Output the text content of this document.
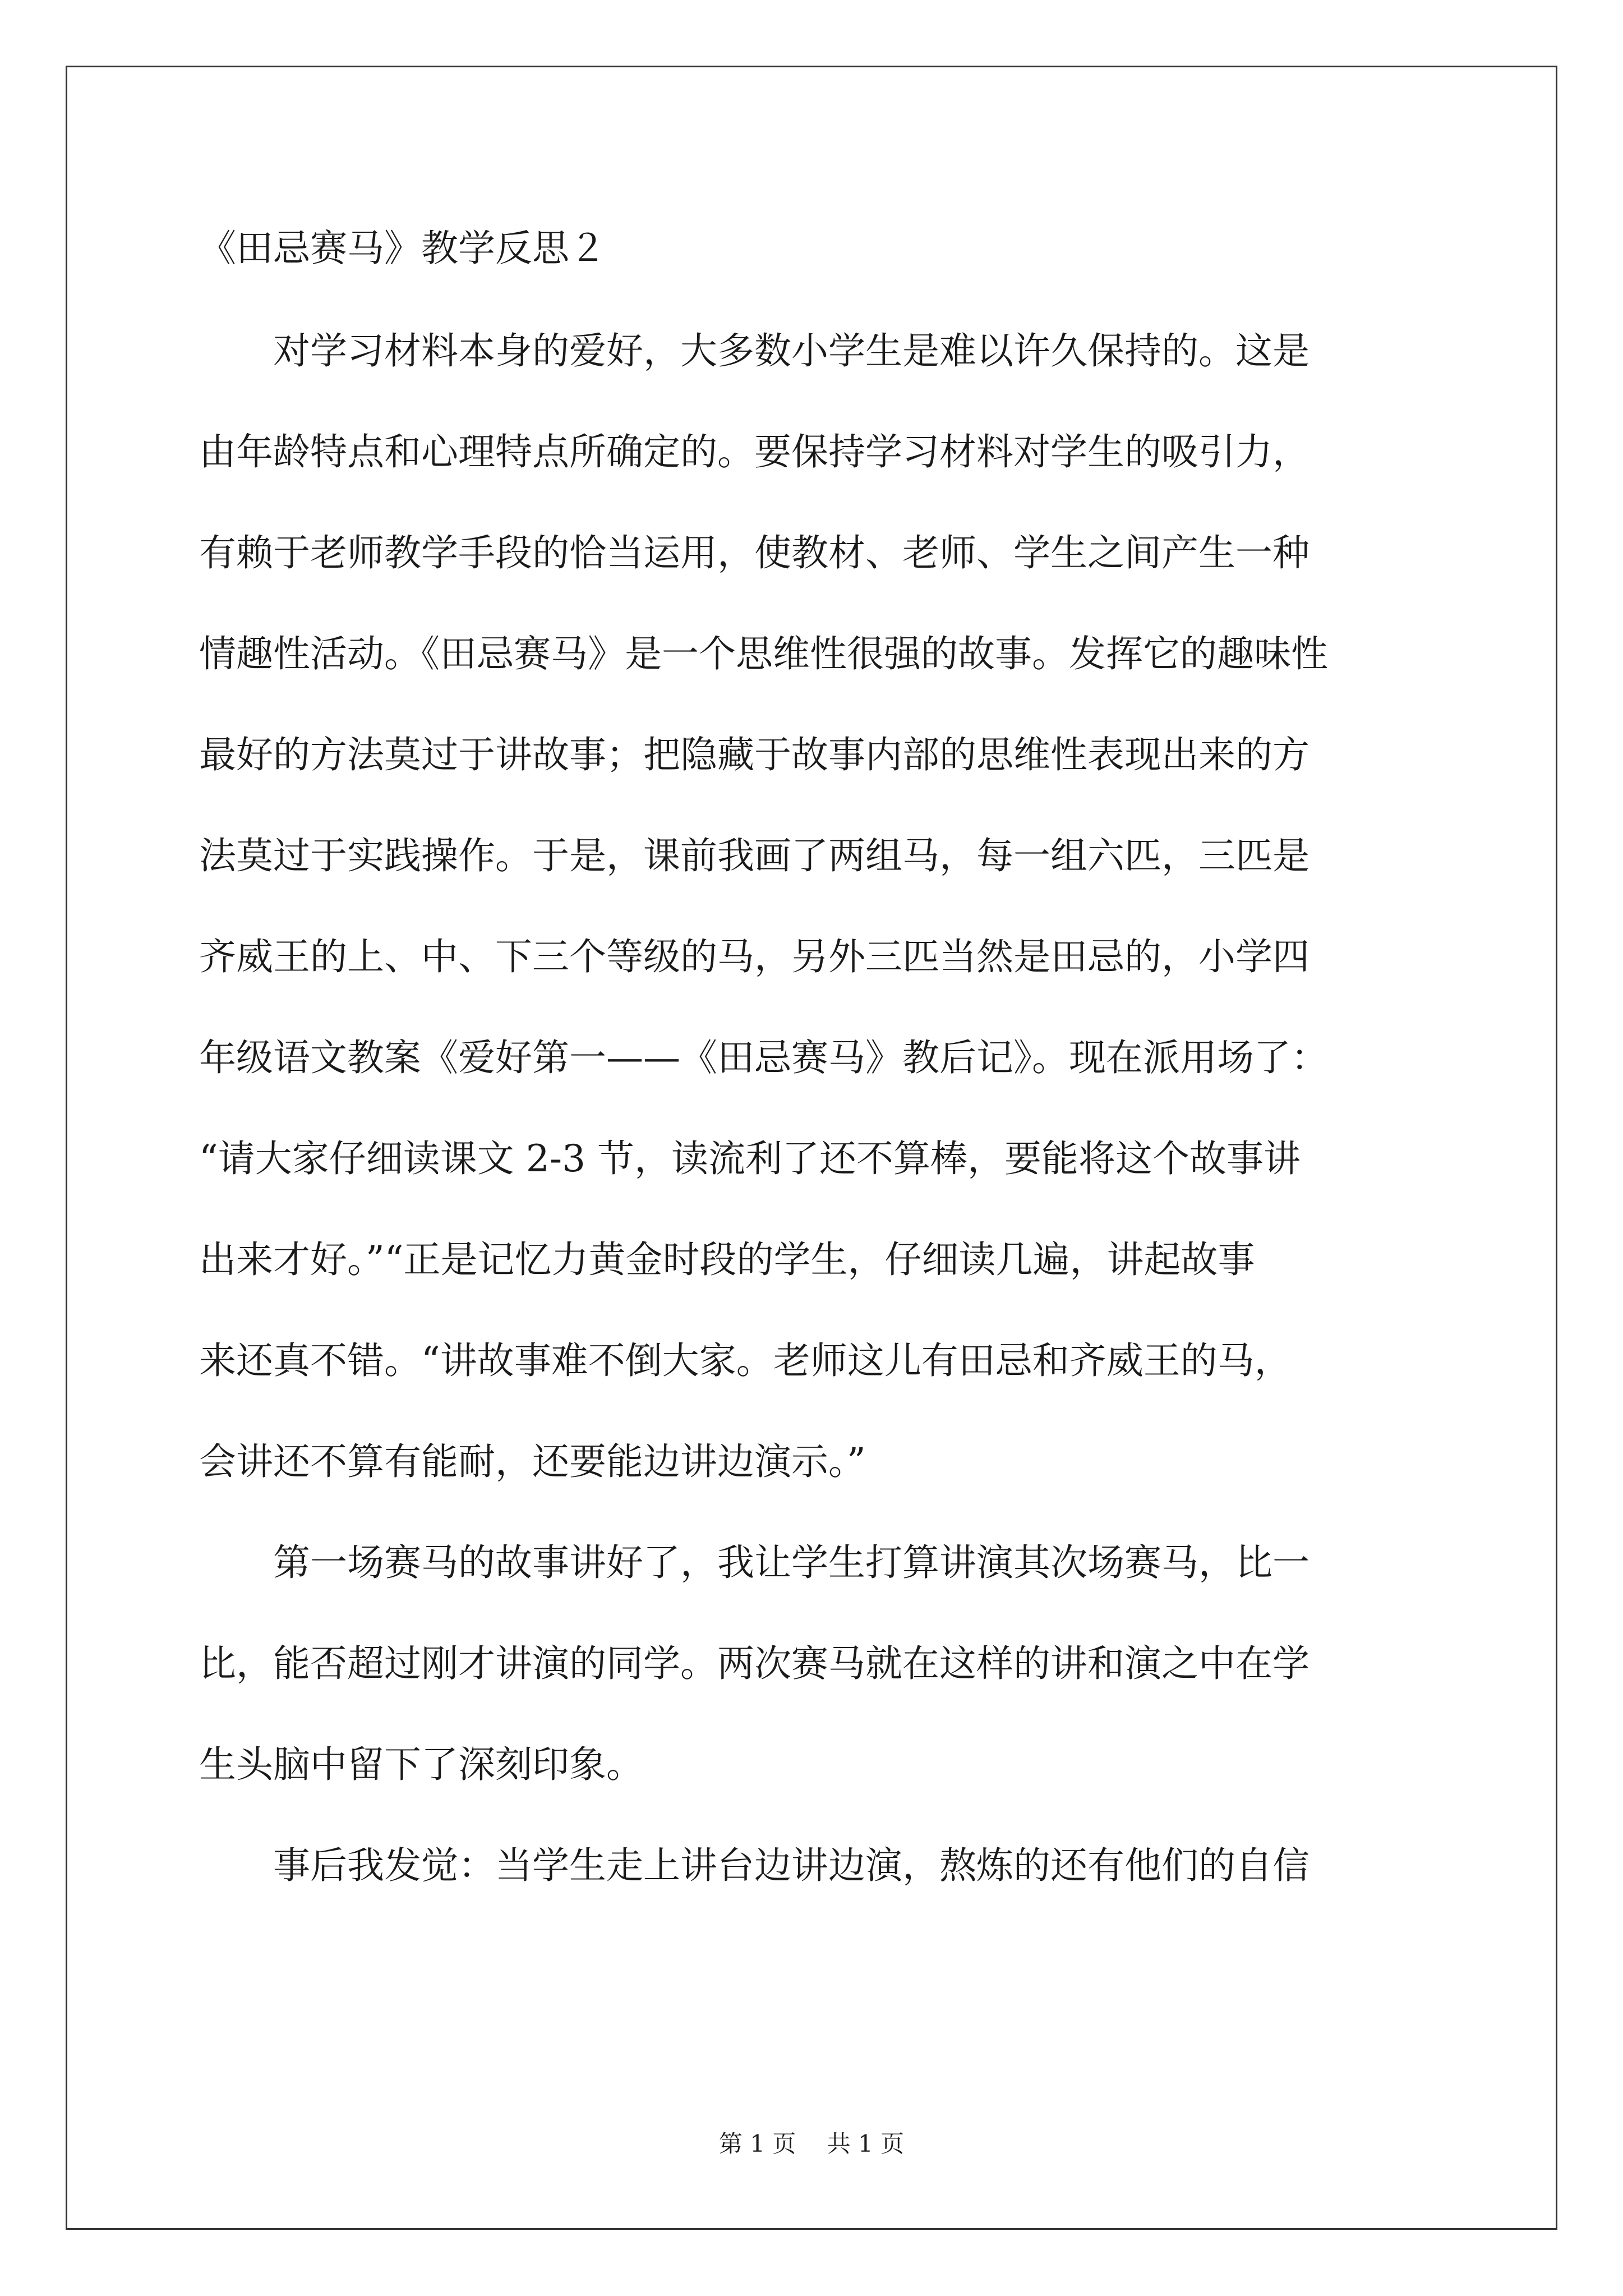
《田忌赛马》教学反思２
　　对学习材料本身的爱好，大多数小学生是难以许久保持的。这是
由年龄特点和心理特点所确定的。要保持学习材料对学生的吸引力，
有赖于老师教学手段的恰当运用，使教材、老师、学生之间产生一种
情趣性活动。《田忌赛马》是一个思维性很强的故事。发挥它的趣味性
最好的方法莫过于讲故事；把隐藏于故事内部的思维性表现出来的方
法莫过于实践操作。于是，课前我画了两组马，每一组六匹，三匹是
齐威王的上、中、下三个等级的马，另外三匹当然是田忌的，小学四
年级语文教案《爱好第一——《田忌赛马》教后记》。现在派用场了：
“请大家仔细读课文 2-3 节，读流利了还不算棒，要能将这个故事讲
出来才好。”“正是记忆力黄金时段的学生，仔细读几遍，讲起故事
来还真不错。“讲故事难不倒大家。老师这儿有田忌和齐威王的马，
会讲还不算有能耐，还要能边讲边演示。”
　　第一场赛马的故事讲好了，我让学生打算讲演其次场赛马，比一
比，能否超过刚才讲演的同学。两次赛马就在这样的讲和演之中在学
生头脑中留下了深刻印象。
　　事后我发觉：当学生走上讲台边讲边演，熬炼的还有他们的自信
第 1 页　 共 1 页
